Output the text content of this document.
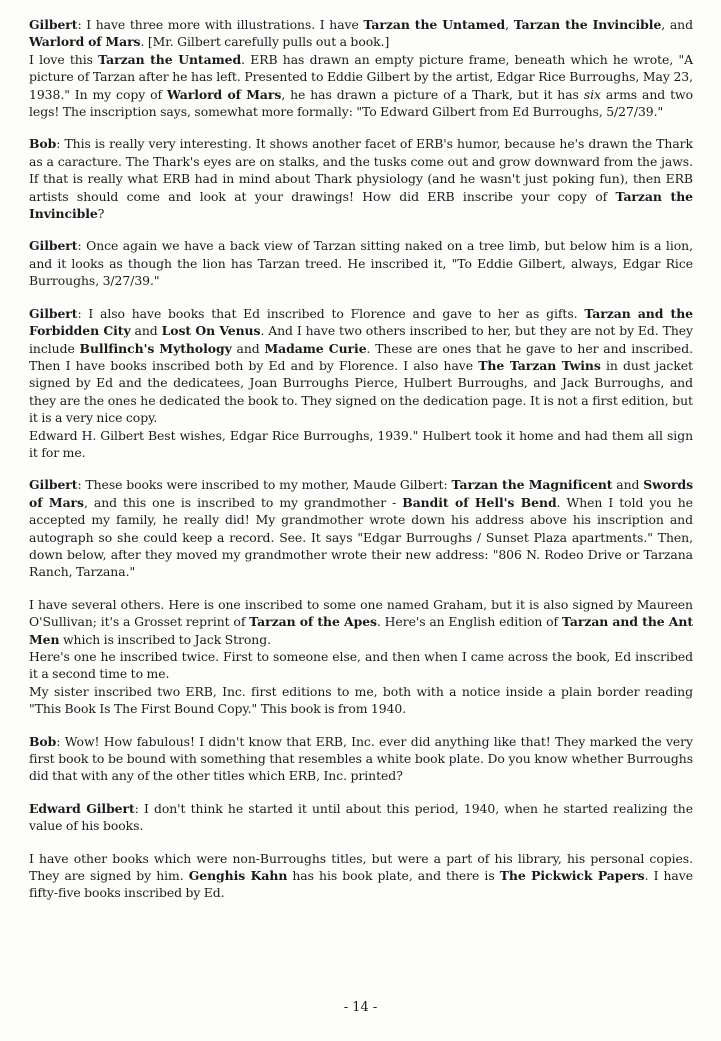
Gilbert: I have three more with illustrations. I have Tarzan the Untamed, Tarzan the Invincible, and Warlord of Mars. [Mr. Gilbert carefully pulls out a book.]
I love this Tarzan the Untamed. ERB has drawn an empty picture frame, beneath which he wrote, "A picture of Tarzan after he has left. Presented to Eddie Gilbert by the artist, Edgar Rice Burroughs, May 23, 1938." In my copy of Warlord of Mars, he has drawn a picture of a Thark, but it has six arms and two legs! The inscription says, somewhat more formally: "To Edward Gilbert from Ed Burroughs, 5/27/39."

Bob: This is really very interesting. It shows another facet of ERB's humor, because he's drawn the Thark as a caracture. The Thark's eyes are on stalks, and the tusks come out and grow downward from the jaws. If that is really what ERB had in mind about Thark physiology (and he wasn't just poking fun), then ERB artists should come and look at your drawings! How did ERB inscribe your copy of Tarzan the Invincible?

Gilbert: Once again we have a back view of Tarzan sitting naked on a tree limb, but below him is a lion, and it looks as though the lion has Tarzan treed. He inscribed it, "To Eddie Gilbert, always, Edgar Rice Burroughs, 3/27/39."

Gilbert: I also have books that Ed inscribed to Florence and gave to her as gifts. Tarzan and the Forbidden City and Lost On Venus. And I have two others inscribed to her, but they are not by Ed. They include Bullfinch's Mythology and Madame Curie. These are ones that he gave to her and inscribed. Then I have books inscribed both by Ed and by Florence. I also have The Tarzan Twins in dust jacket signed by Ed and the dedicatees, Joan Burroughs Pierce, Hulbert Burroughs, and Jack Burroughs, and they are the ones he dedicated the book to. They signed on the dedication page. It is not a first edition, but it is a very nice copy.
Edward H. Gilbert Best wishes, Edgar Rice Burroughs, 1939." Hulbert took it home and had them all sign it for me.

Gilbert: These books were inscribed to my mother, Maude Gilbert: Tarzan the Magnificent and Swords of Mars, and this one is inscribed to my grandmother - Bandit of Hell's Bend. When I told you he accepted my family, he really did! My grandmother wrote down his address above his inscription and autograph so she could keep a record. See. It says "Edgar Burroughs / Sunset Plaza apartments." Then, down below, after they moved my grandmother wrote their new address: "806 N. Rodeo Drive or Tarzana Ranch, Tarzana."

I have several others. Here is one inscribed to some one named Graham, but it is also signed by Maureen O'Sullivan; it's a Grosset reprint of Tarzan of the Apes. Here's an English edition of Tarzan and the Ant Men which is inscribed to Jack Strong.
Here's one he inscribed twice. First to someone else, and then when I came across the book, Ed inscribed it a second time to me.
My sister inscribed two ERB, Inc. first editions to me, both with a notice inside a plain border reading "This Book Is The First Bound Copy." This book is from 1940.

Bob: Wow! How fabulous! I didn't know that ERB, Inc. ever did anything like that! They marked the very first book to be bound with something that resembles a white book plate. Do you know whether Burroughs did that with any of the other titles which ERB, Inc. printed?

Edward Gilbert: I don't think he started it until about this period, 1940, when he started realizing the value of his books.

I have other books which were non-Burroughs titles, but were a part of his library, his personal copies. They are signed by him. Genghis Kahn has his book plate, and there is The Pickwick Papers. I have fifty-five books inscribed by Ed.

- 14 -
